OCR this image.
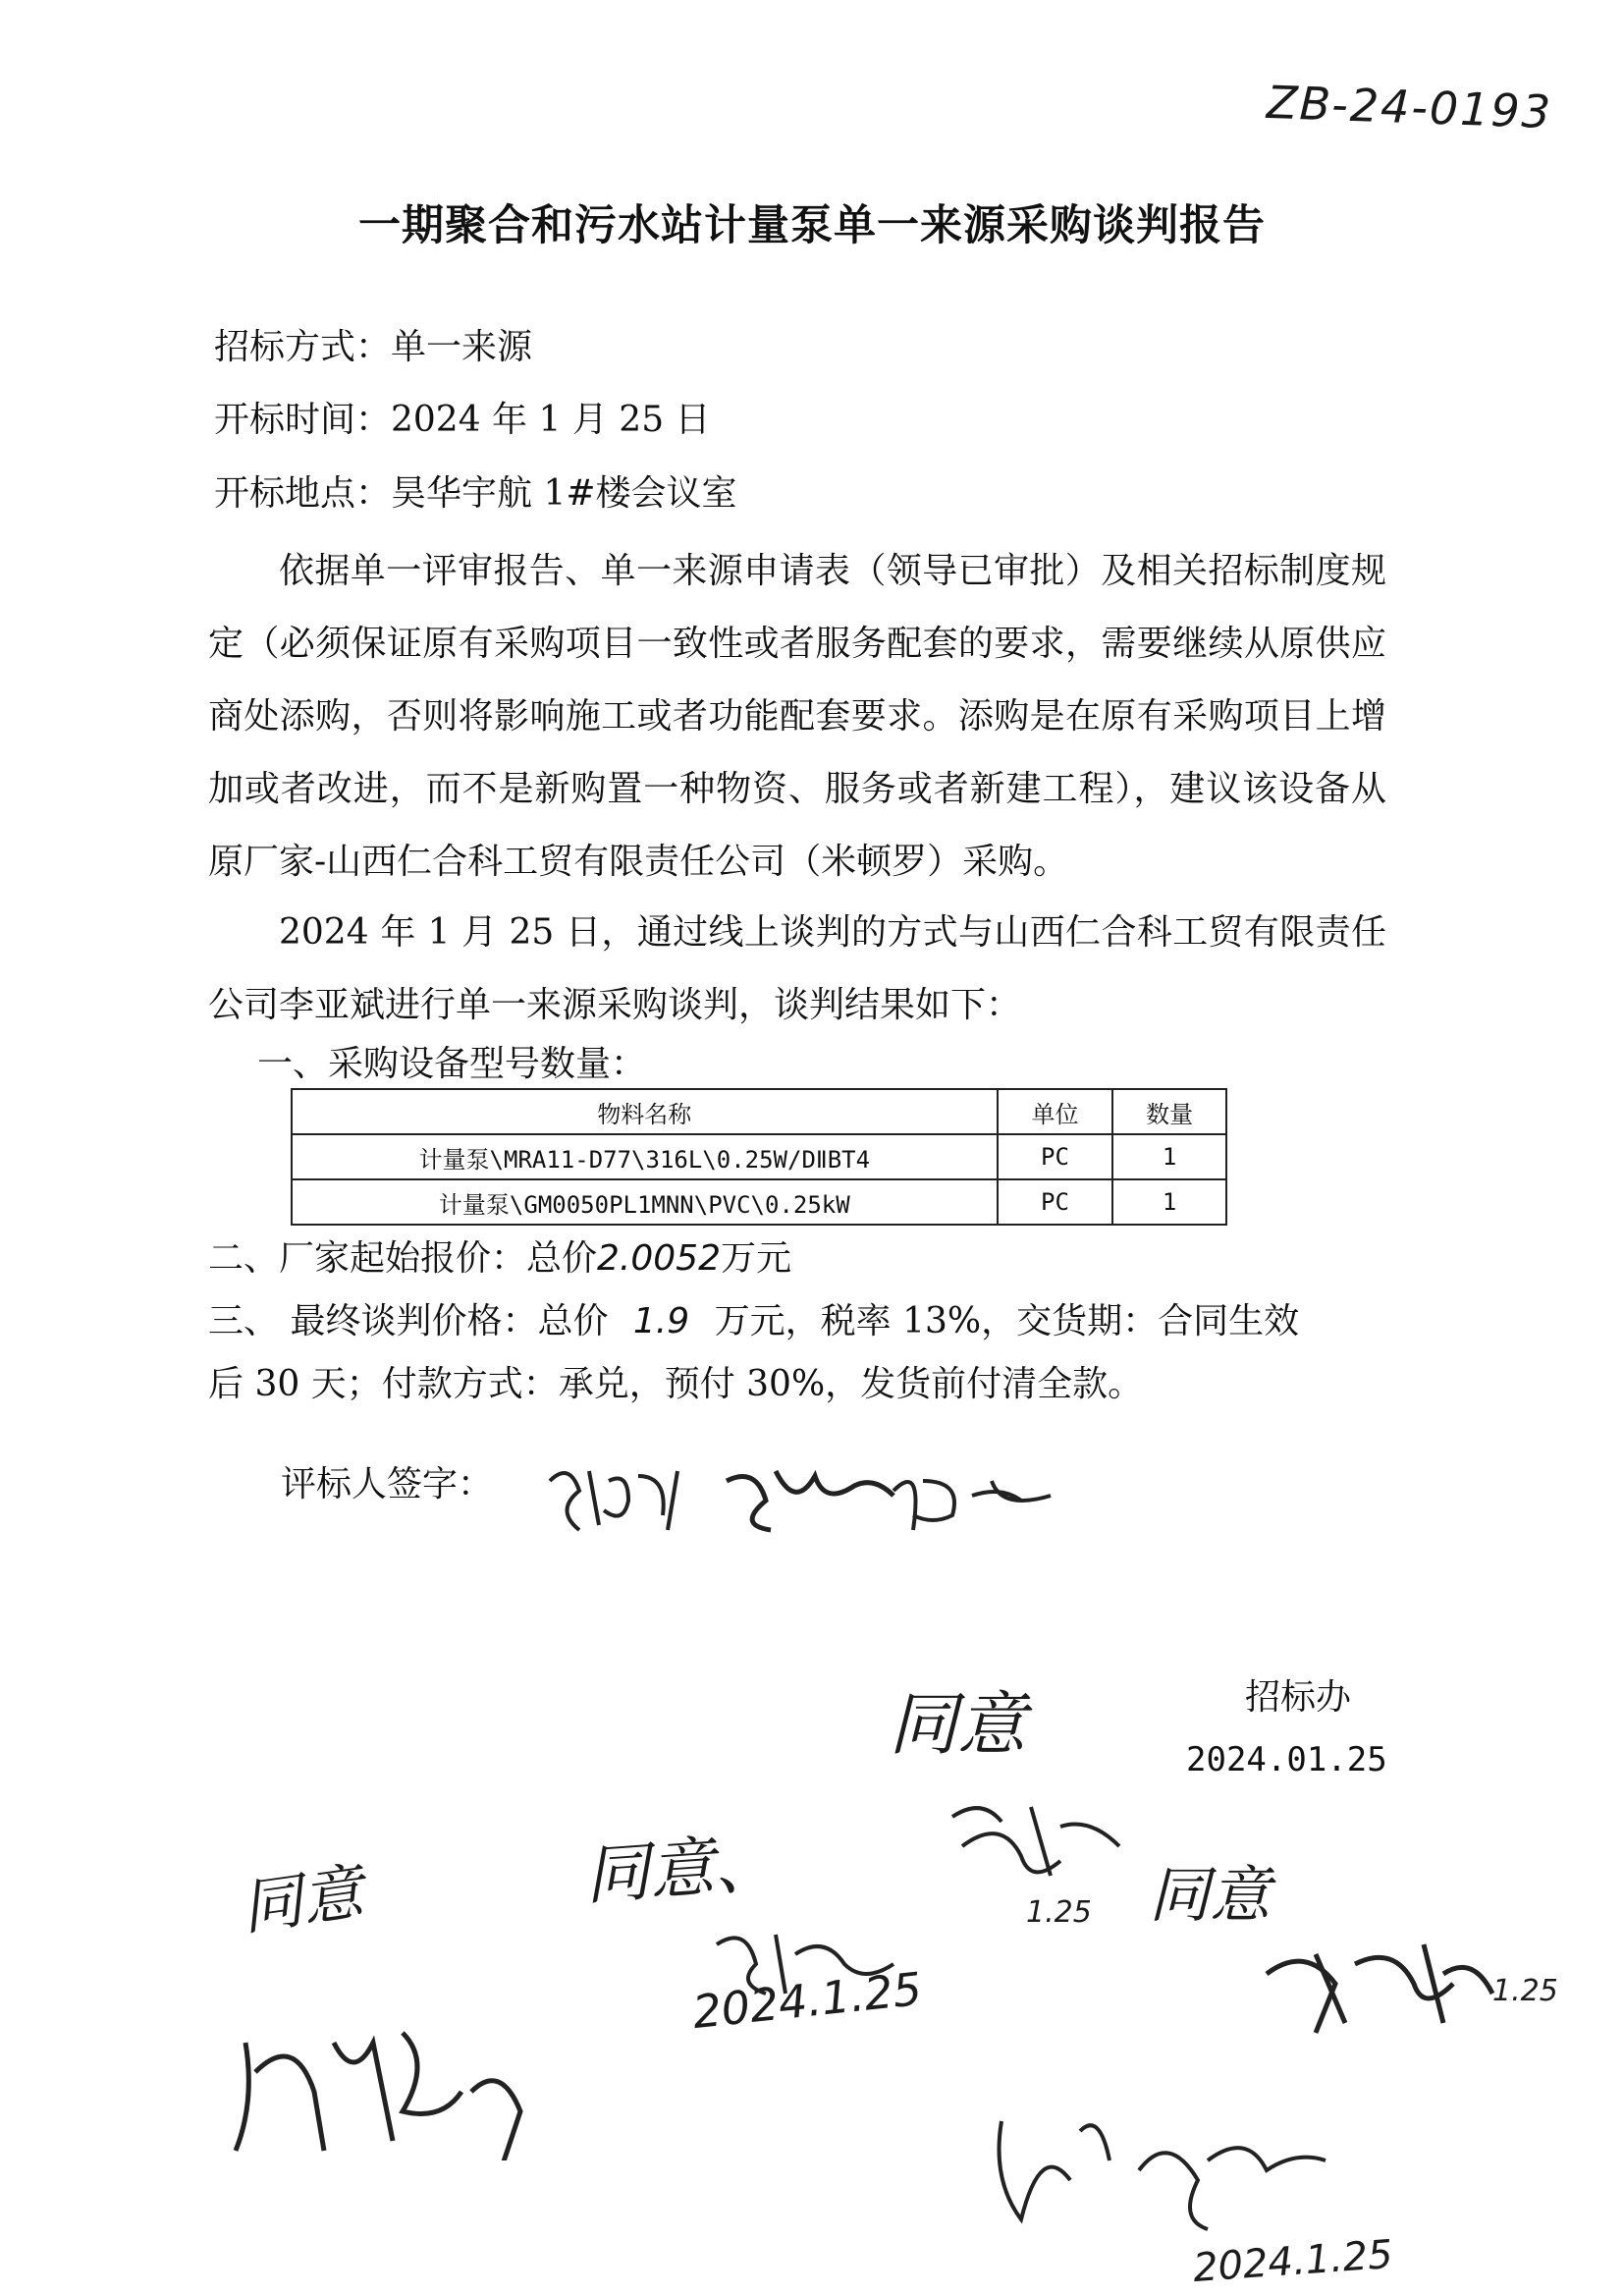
ZB-24-0193
一期聚合和污水站计量泵单一来源采购谈判报告
招标方式：单一来源
开标时间：2024 年 1 月 25 日
开标地点：昊华宇航 1#楼会议室

依据单一评审报告、单一来源申请表（领导已审批）及相关招标制度规定（必须保证原有采购项目一致性或者服务配套的要求，需要继续从原供应商处添购，否则将影响施工或者功能配套要求。添购是在原有采购项目上增加或者改进，而不是新购置一种物资、服务或者新建工程），建议该设备从原厂家-山西仁合科工贸有限责任公司（米顿罗）采购。

2024 年 1 月 25 日，通过线上谈判的方式与山西仁合科工贸有限责任公司李亚斌进行单一来源采购谈判，谈判结果如下：

一、采购设备型号数量：
物料名称	单位	数量
计量泵\MRA11-D77\316L\0.25W/DⅡBT4	PC	1
计量泵\GM0050PL1MNN\PVC\0.25kW	PC	1
二、厂家起始报价：总价2.0052万元
三、 最终谈判价格：总价 1.9 万元，税率 13%，交货期：合同生效
后 30 天；付款方式：承兑，预付 30%，发货前付清全款。
评标人签字：
招标办
2024.01.25
同意
同意	同意、	同意
2024.1.25
2024.1.25
1.25
1.25
